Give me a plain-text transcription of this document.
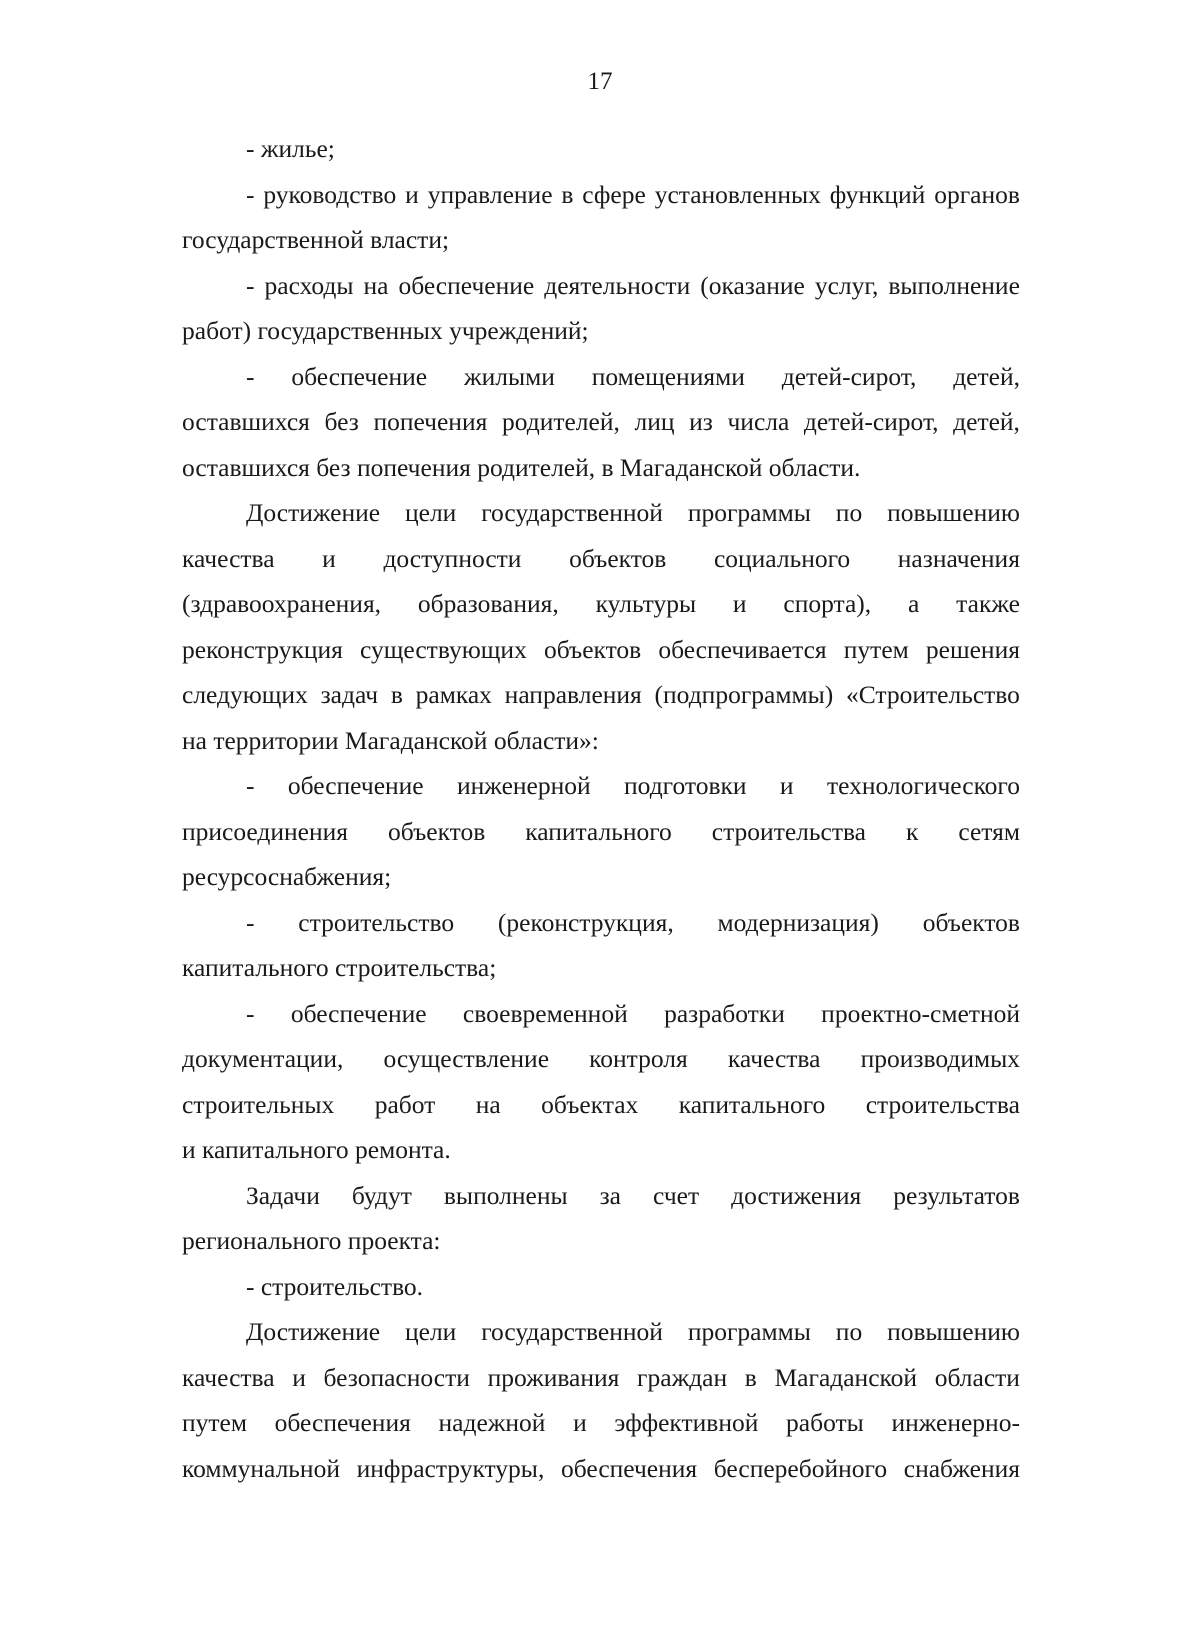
17
- жилье;
- руководство и управление в сфере установленных функций органов
государственной власти;
- расходы на обеспечение деятельности (оказание услуг, выполнение
работ) государственных учреждений;
- обеспечение жилыми помещениями детей-сирот, детей,
оставшихся без попечения родителей, лиц из числа детей-сирот, детей,
оставшихся без попечения родителей, в Магаданской области.
Достижение цели государственной программы по повышению
качества и доступности объектов социального назначения
(здравоохранения, образования, культуры и спорта), а также
реконструкция существующих объектов обеспечивается путем решения
следующих задач в рамках направления (подпрограммы) «Строительство
на территории Магаданской области»:
- обеспечение инженерной подготовки и технологического
присоединения объектов капитального строительства к сетям
ресурсоснабжения;
- строительство (реконструкция, модернизация) объектов
капитального строительства;
- обеспечение своевременной разработки проектно-сметной
документации, осуществление контроля качества производимых
строительных работ на объектах капитального строительства
и капитального ремонта.
Задачи будут выполнены за счет достижения результатов
регионального проекта:
- строительство.
Достижение цели государственной программы по повышению
качества и безопасности проживания граждан в Магаданской области
путем обеспечения надежной и эффективной работы инженерно-
коммунальной инфраструктуры, обеспечения бесперебойного снабжения
